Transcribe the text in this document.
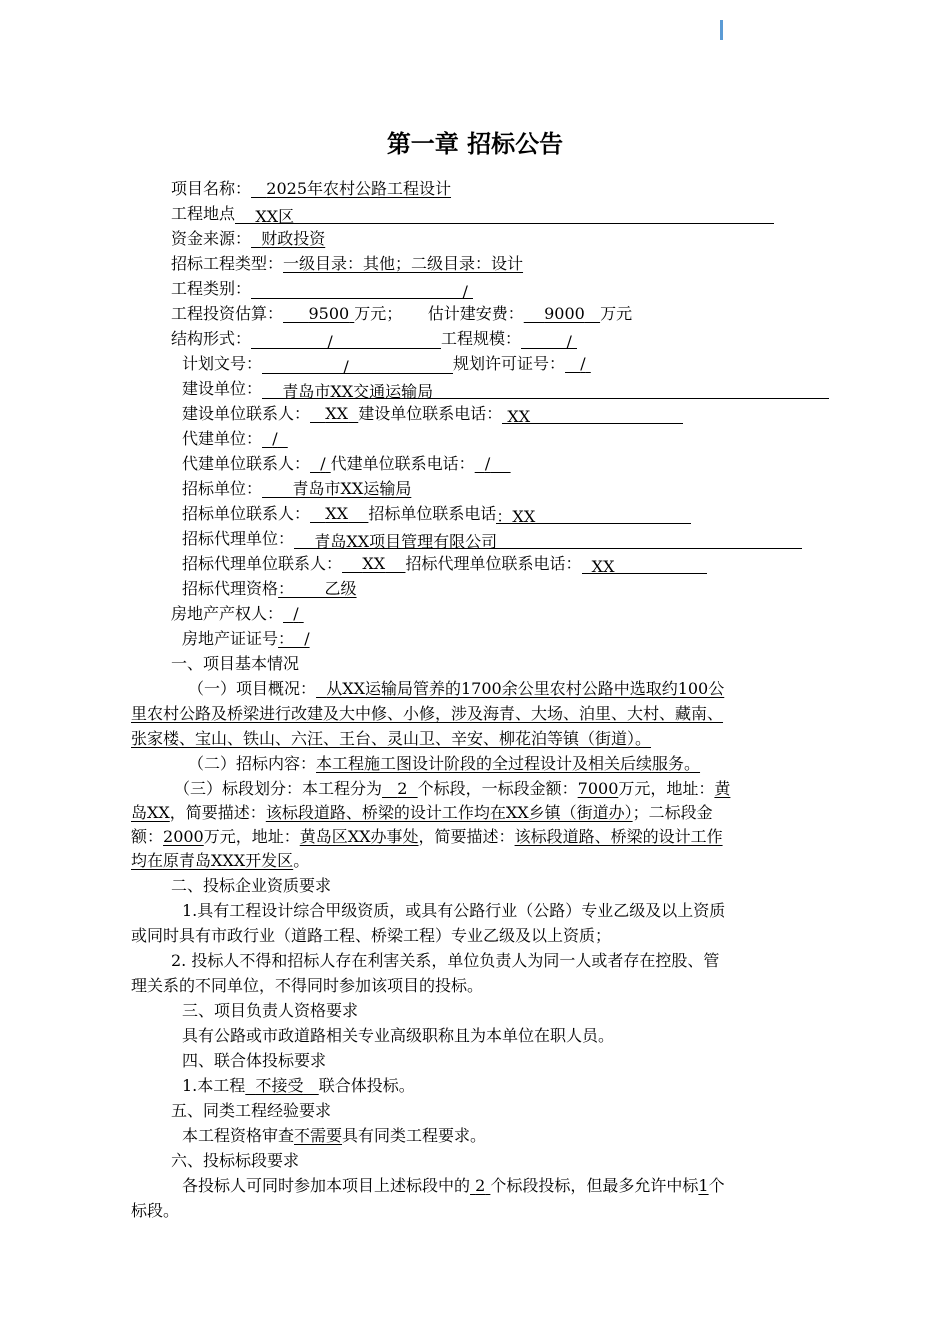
第一章 招标公告
项目名称： 2025年农村公路工程设计
工程地点 XX区
资金来源： 财政投资
招标工程类型：一级目录：其他；二级目录：设计
工程类别：	/
工程投资估算： 9500 万元； 估计建安费： 9000 万元
结构形式：	/	工程规模：	/
计划文号：	/	规划许可证号： /
建设单位： 青岛市XX交通运输局
建设单位联系人： XX 建设单位联系电话： XX
代建单位： /
代建单位联系人： / 代建单位联系电话： /
招标单位： 青岛市XX运输局
招标单位联系人： XX 招标单位联系电话：XX
招标代理单位： 青岛XX项目管理有限公司
招标代理单位联系人： XX 招标代理单位联系电话： XX
招标代理资格：      乙级
房地产产权人： /
房地产证证号：  /
一、项目基本情况
（一）项目概况： 从XX运输局管养的1700余公里农村公路中选取约100公
里农村公路及桥梁进行改建及大中修、小修，涉及海青、大场、泊里、大村、藏南、
张家楼、宝山、铁山、六汪、王台、灵山卫、辛安、柳花泊等镇（街道）。
（二）招标内容：本工程施工图设计阶段的全过程设计及相关后续服务。
（三）标段划分：本工程分为 2 个标段，一标段金额：7000万元，地址：黄
岛XX，简要描述：该标段道路、桥梁的设计工作均在XX乡镇（街道办）；二标段金
额：2000万元，地址：黄岛区XX办事处，简要描述：该标段道路、桥梁的设计工作
均在原青岛XXX开发区。
二、投标企业资质要求
1.具有工程设计综合甲级资质，或具有公路行业（公路）专业乙级及以上资质
或同时具有市政行业（道路工程、桥梁工程）专业乙级及以上资质；
2. 投标人不得和招标人存在利害关系，单位负责人为同一人或者存在控股、管
理关系的不同单位，不得同时参加该项目的投标。
三、项目负责人资格要求
具有公路或市政道路相关专业高级职称且为本单位在职人员。
四、联合体投标要求
1.本工程 不接受 联合体投标。
五、同类工程经验要求
本工程资格审查不需要具有同类工程要求。
六、投标标段要求
各投标人可同时参加本项目上述标段中的 2 个标段投标，但最多允许中标1个
标段。
